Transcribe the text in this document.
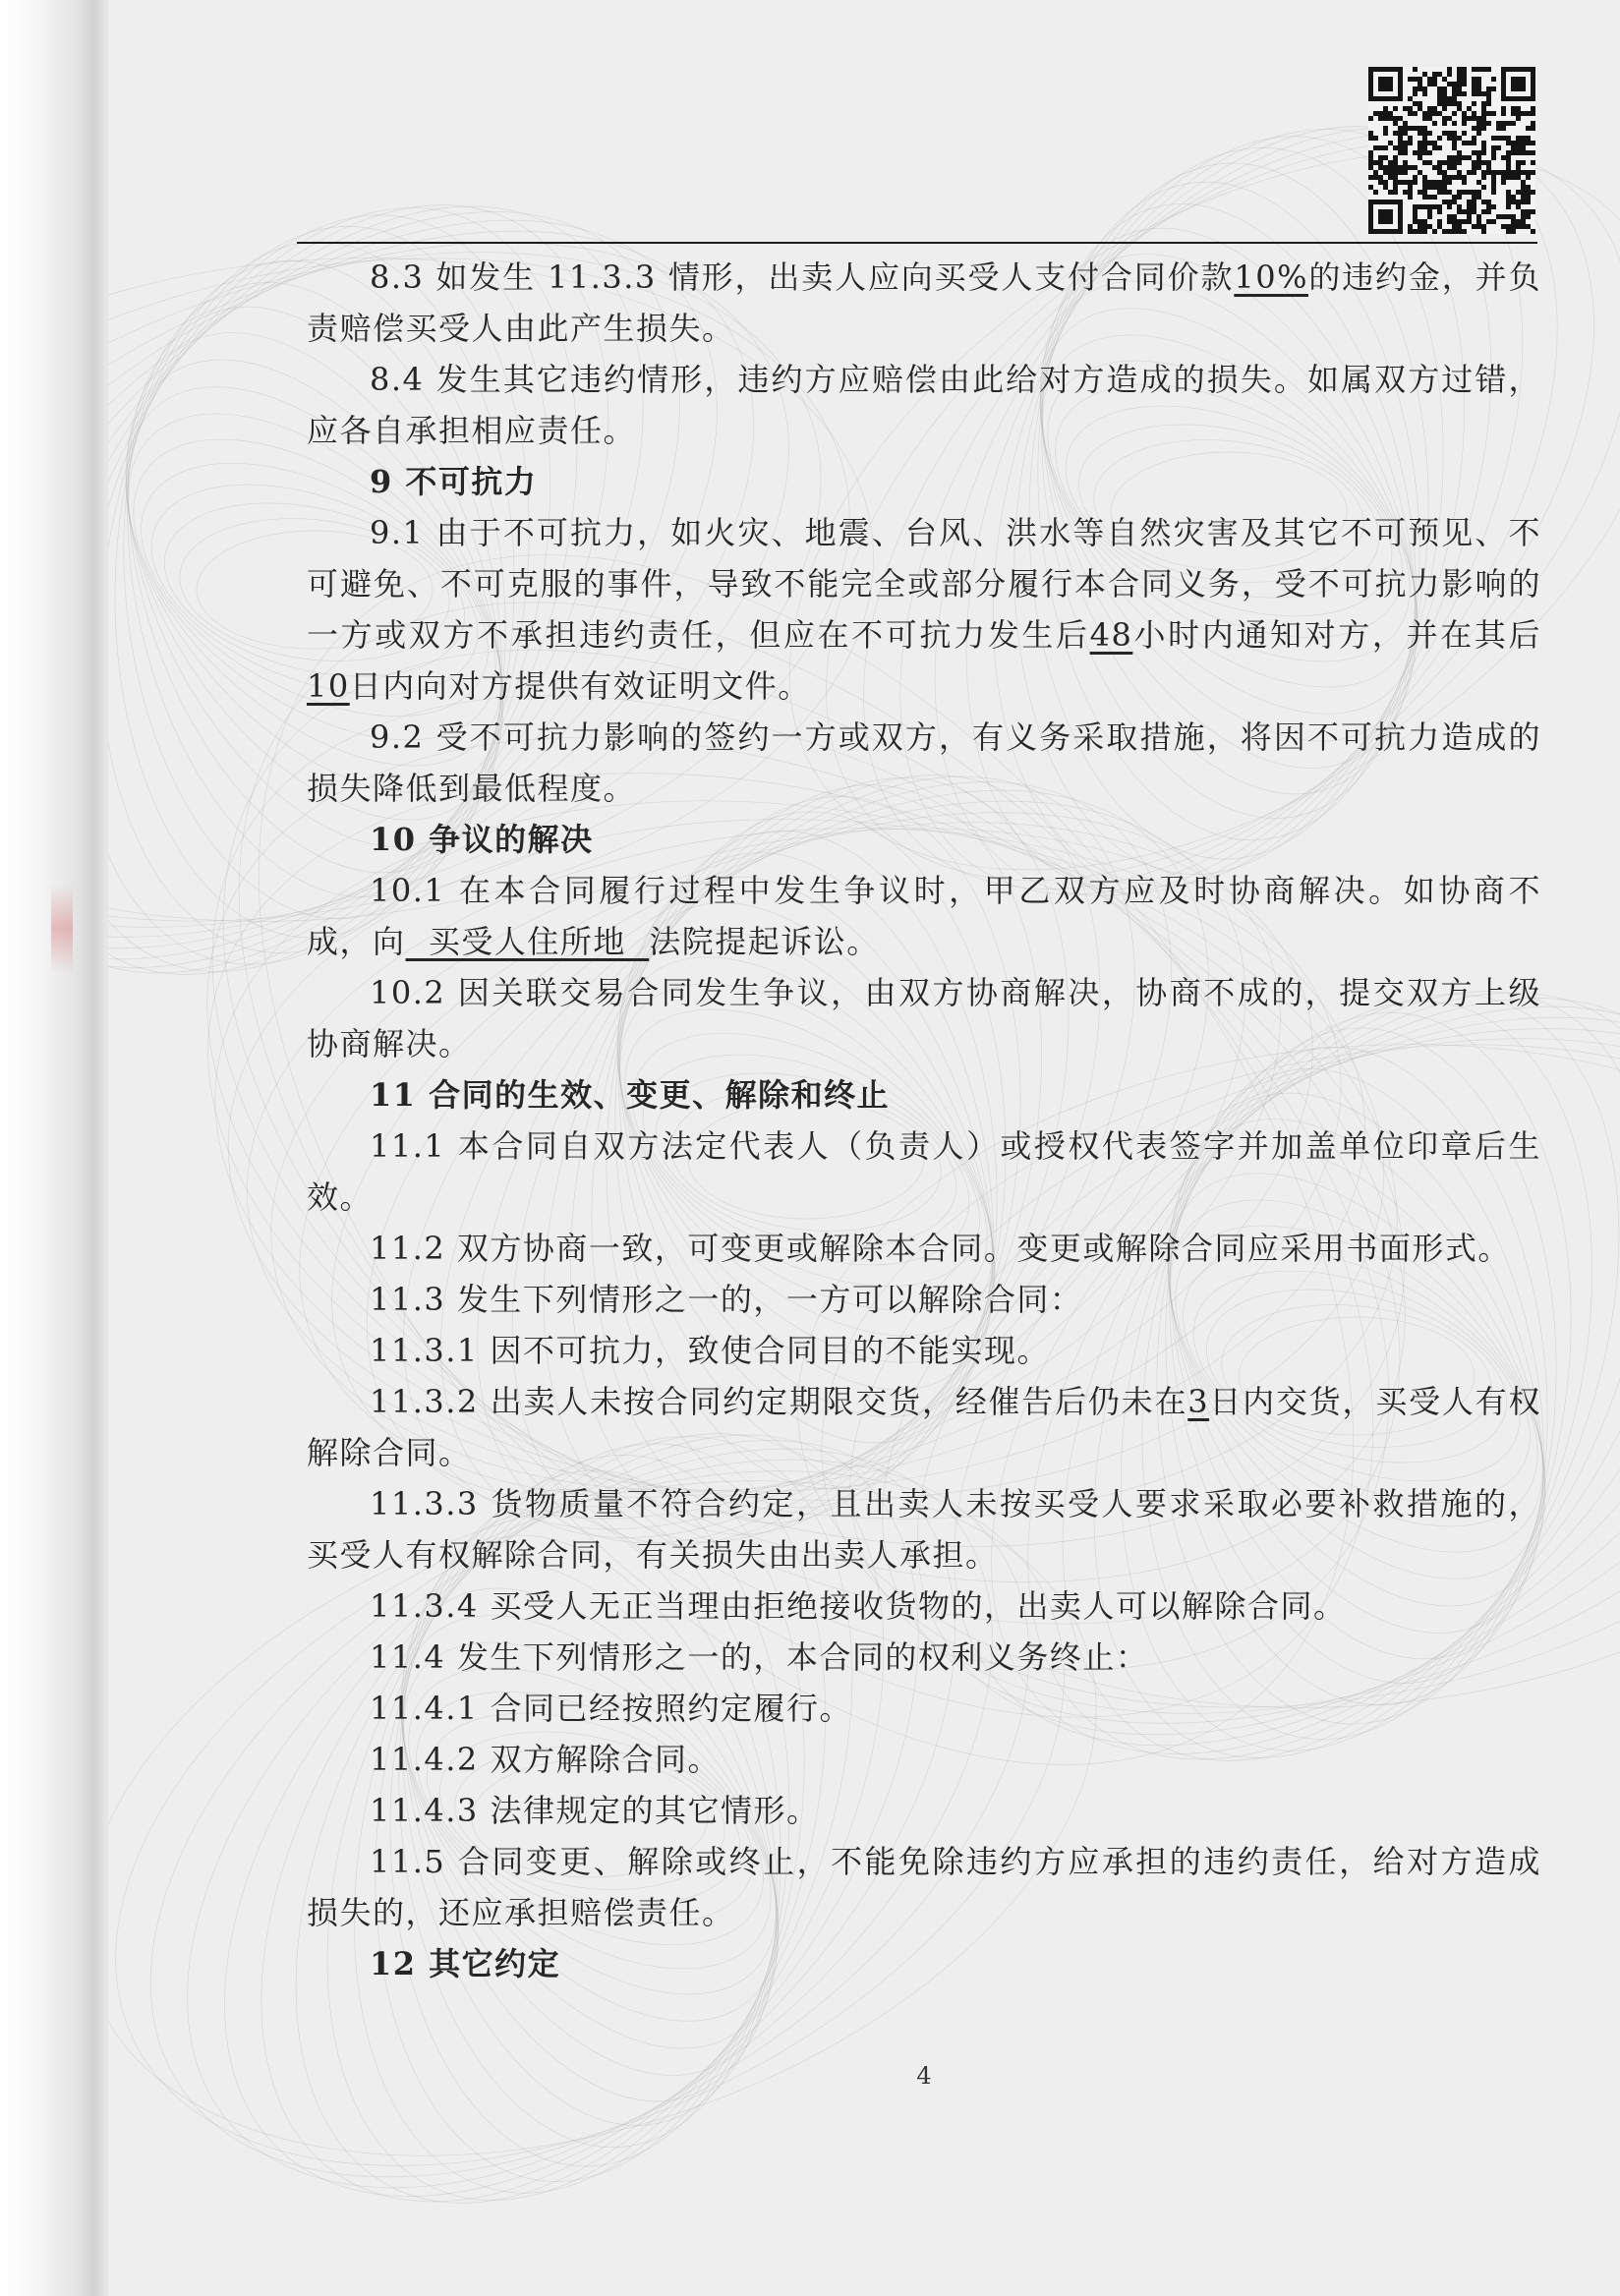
8.3 如发生 11.3.3 情形，出卖人应向买受人支付合同价款10%的违约金，并负责赔偿买受人由此产生损失。

8.4 发生其它违约情形，违约方应赔偿由此给对方造成的损失。如属双方过错，应各自承担相应责任。

9 不可抗力

9.1 由于不可抗力，如火灾、地震、台风、洪水等自然灾害及其它不可预见、不可避免、不可克服的事件，导致不能完全或部分履行本合同义务，受不可抗力影响的一方或双方不承担违约责任，但应在不可抗力发生后48小时内通知对方，并在其后10日内向对方提供有效证明文件。

9.2 受不可抗力影响的签约一方或双方，有义务采取措施，将因不可抗力造成的损失降低到最低程度。

10 争议的解决

10.1 在本合同履行过程中发生争议时，甲乙双方应及时协商解决。如协商不成，向  买受人住所地  法院提起诉讼。

10.2 因关联交易合同发生争议，由双方协商解决，协商不成的，提交双方上级协商解决。

11 合同的生效、变更、解除和终止

11.1 本合同自双方法定代表人（负责人）或授权代表签字并加盖单位印章后生效。

11.2 双方协商一致，可变更或解除本合同。变更或解除合同应采用书面形式。

11.3 发生下列情形之一的，一方可以解除合同：

11.3.1 因不可抗力，致使合同目的不能实现。

11.3.2 出卖人未按合同约定期限交货，经催告后仍未在3日内交货，买受人有权解除合同。

11.3.3 货物质量不符合约定，且出卖人未按买受人要求采取必要补救措施的，买受人有权解除合同，有关损失由出卖人承担。

11.3.4 买受人无正当理由拒绝接收货物的，出卖人可以解除合同。

11.4 发生下列情形之一的，本合同的权利义务终止：

11.4.1 合同已经按照约定履行。

11.4.2 双方解除合同。

11.4.3 法律规定的其它情形。

11.5 合同变更、解除或终止，不能免除违约方应承担的违约责任，给对方造成损失的，还应承担赔偿责任。

12 其它约定

4
